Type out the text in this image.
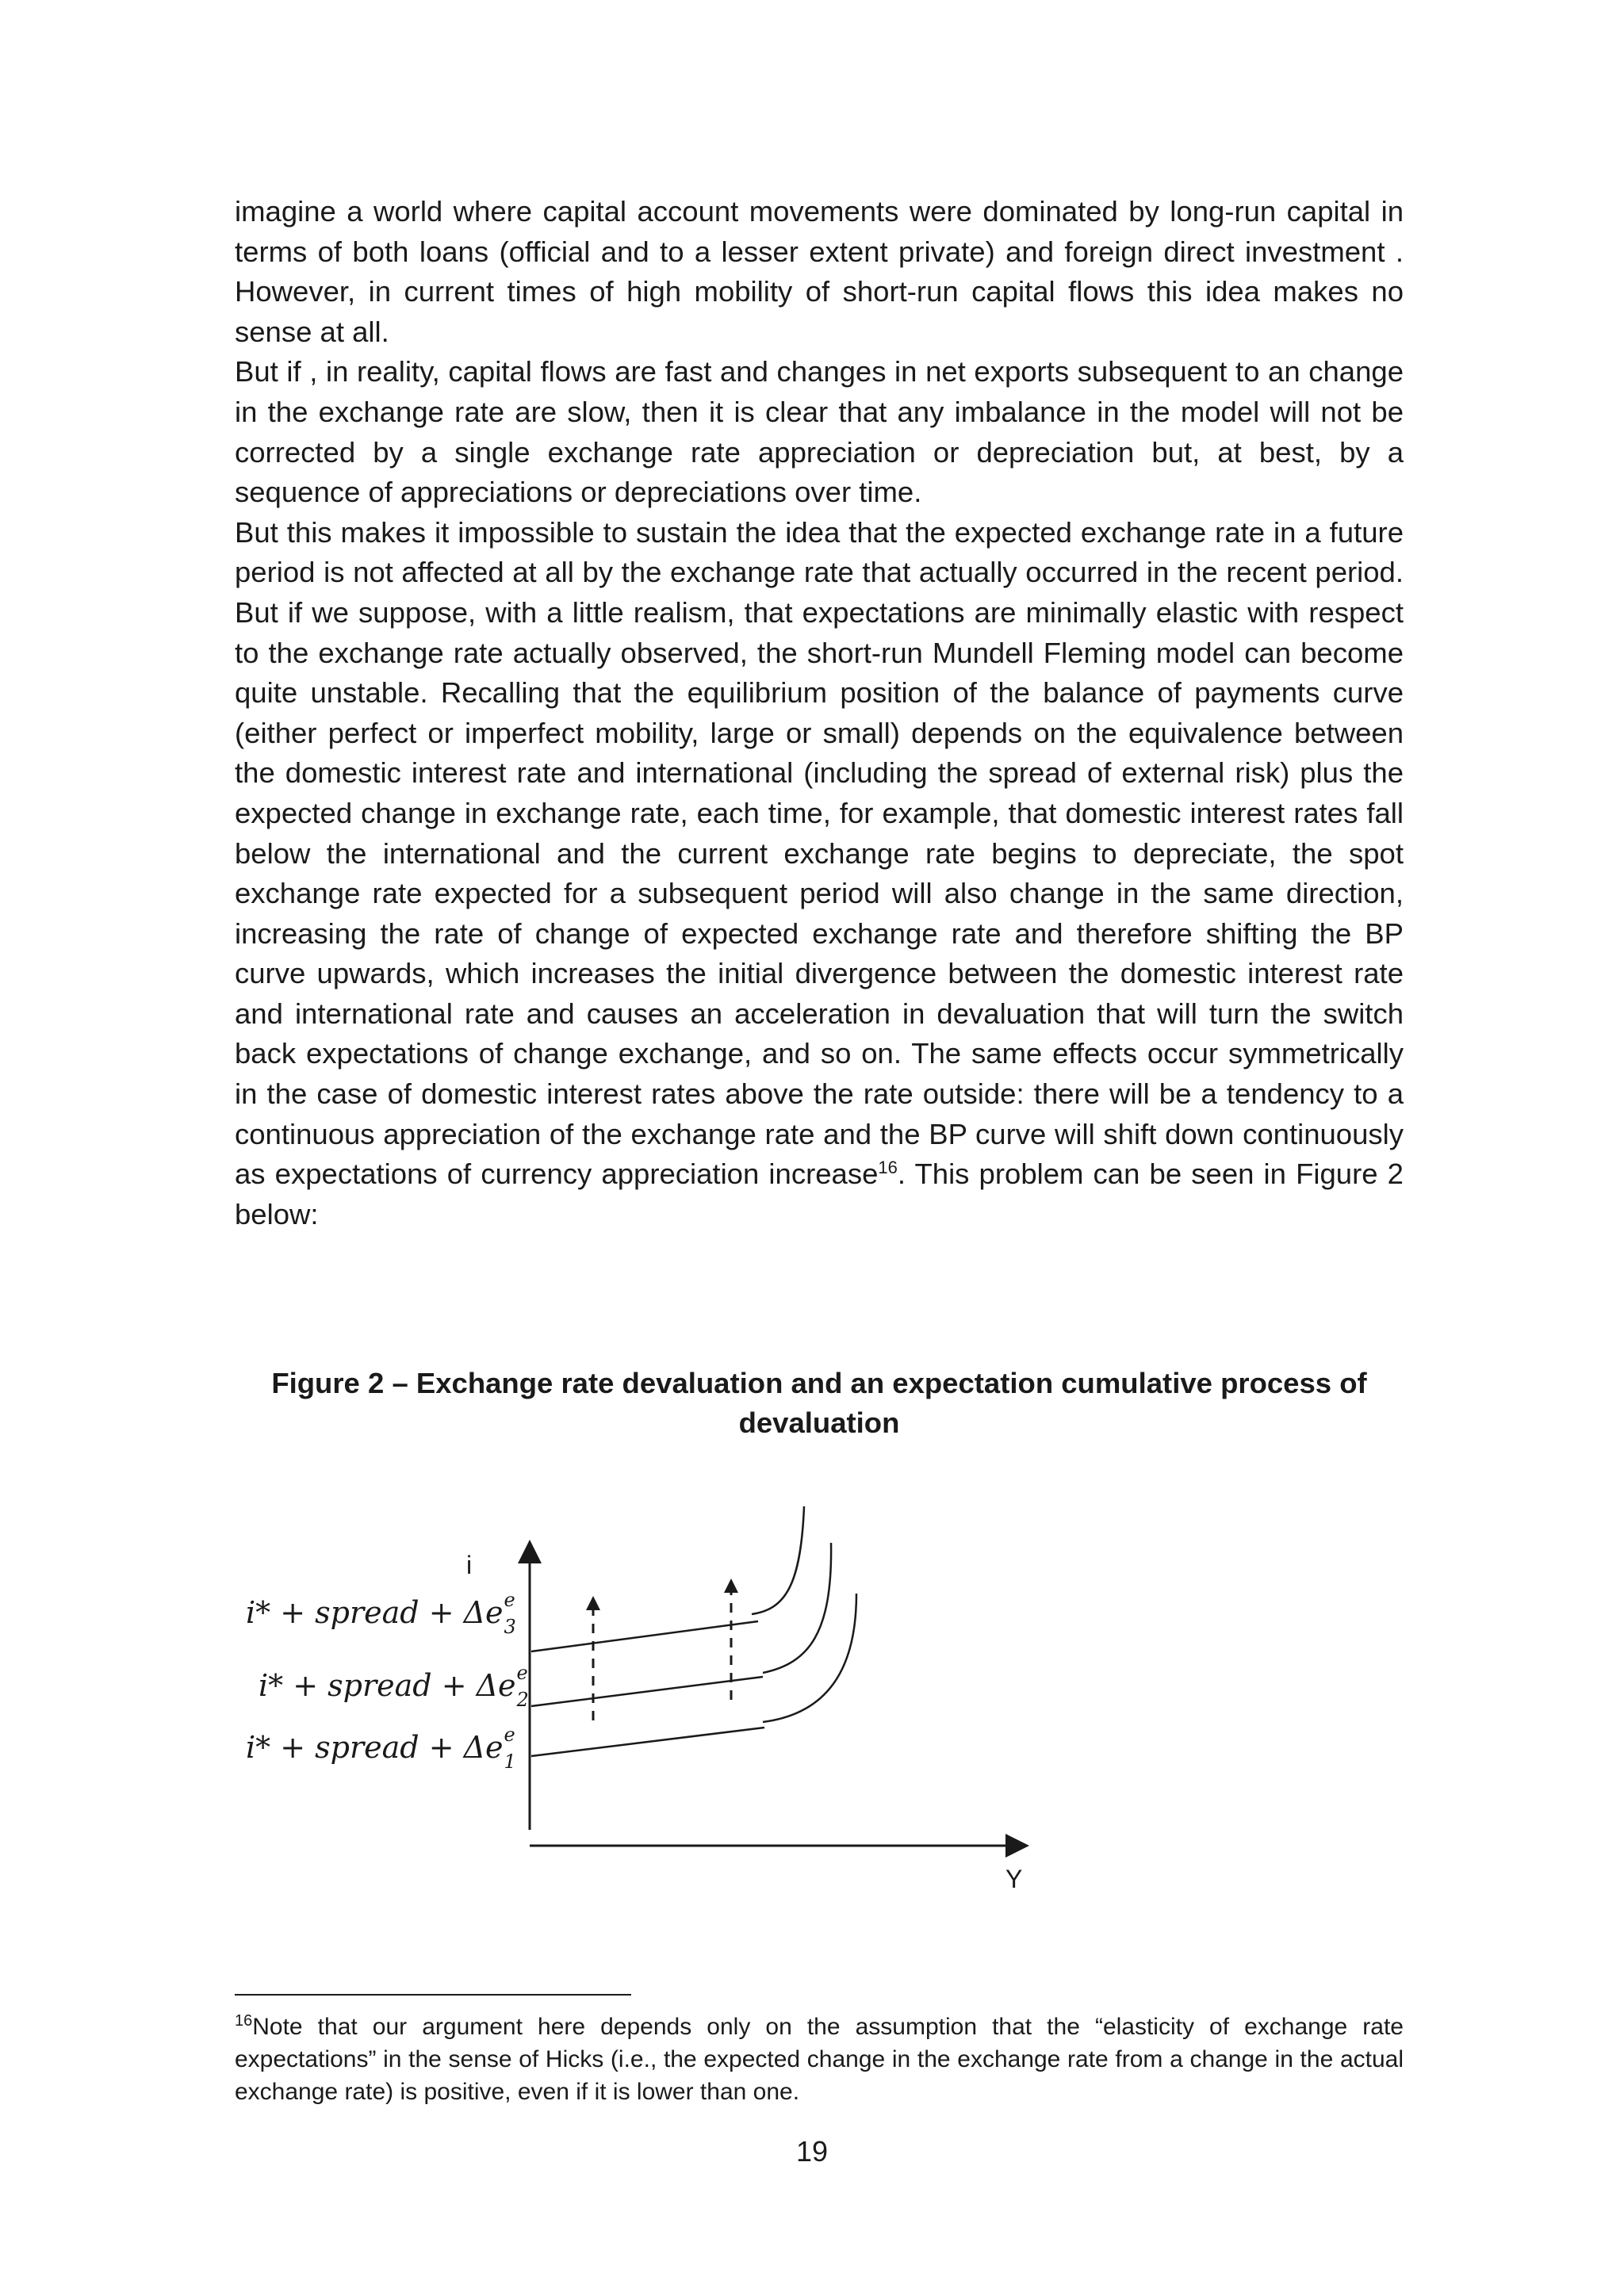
imagine a world where capital account movements were dominated by long-run capital in terms of both loans (official and to a lesser extent private) and foreign direct investment . However, in current times of high mobility of short-run capital flows this idea makes no sense at all.

But if , in reality, capital flows are fast and changes in net exports subsequent to an change in the exchange rate are slow, then it is clear that any imbalance in the model will not be corrected by a single exchange rate appreciation or depreciation but, at best, by a sequence of appreciations or depreciations over time.

But this makes it impossible to sustain the idea that the expected exchange rate in a future period is not affected at all by the exchange rate that actually occurred in the recent period. But if we suppose, with a little realism, that expectations are minimally elastic with respect to the exchange rate actually observed, the short-run Mundell Fleming model can become quite unstable. Recalling that the equilibrium position of the balance of payments curve (either perfect or imperfect mobility, large or small) depends on the equivalence between the domestic interest rate and international (including the spread of external risk) plus the expected change in exchange rate, each time, for example, that domestic interest rates fall below the international and the current exchange rate begins to depreciate, the spot exchange rate expected for a subsequent period will also change in the same direction, increasing the rate of change of expected exchange rate and therefore shifting the BP curve upwards, which increases the initial divergence between the domestic interest rate and international rate and causes an acceleration in devaluation that will turn the switch back expectations of change exchange, and so on. The same effects occur symmetrically in the case of domestic interest rates above the rate outside: there will be a tendency to a continuous appreciation of the exchange rate and the BP curve will shift down continuously as expectations of currency appreciation increase$^{16}$. This problem can be seen in Figure 2 below:

Figure 2 – Exchange rate devaluation and an expectation cumulative process of devaluation
i
Y
i* + spread + Δe e
3
i* + spread + Δe e
2
i* + spread + Δe e
1
$^{16}$Note that our argument here depends only on the assumption that the “elasticity of exchange rate expectations” in the sense of Hicks (i.e., the expected change in the exchange rate from a change in the actual exchange rate) is positive, even if it is lower than one.
19
